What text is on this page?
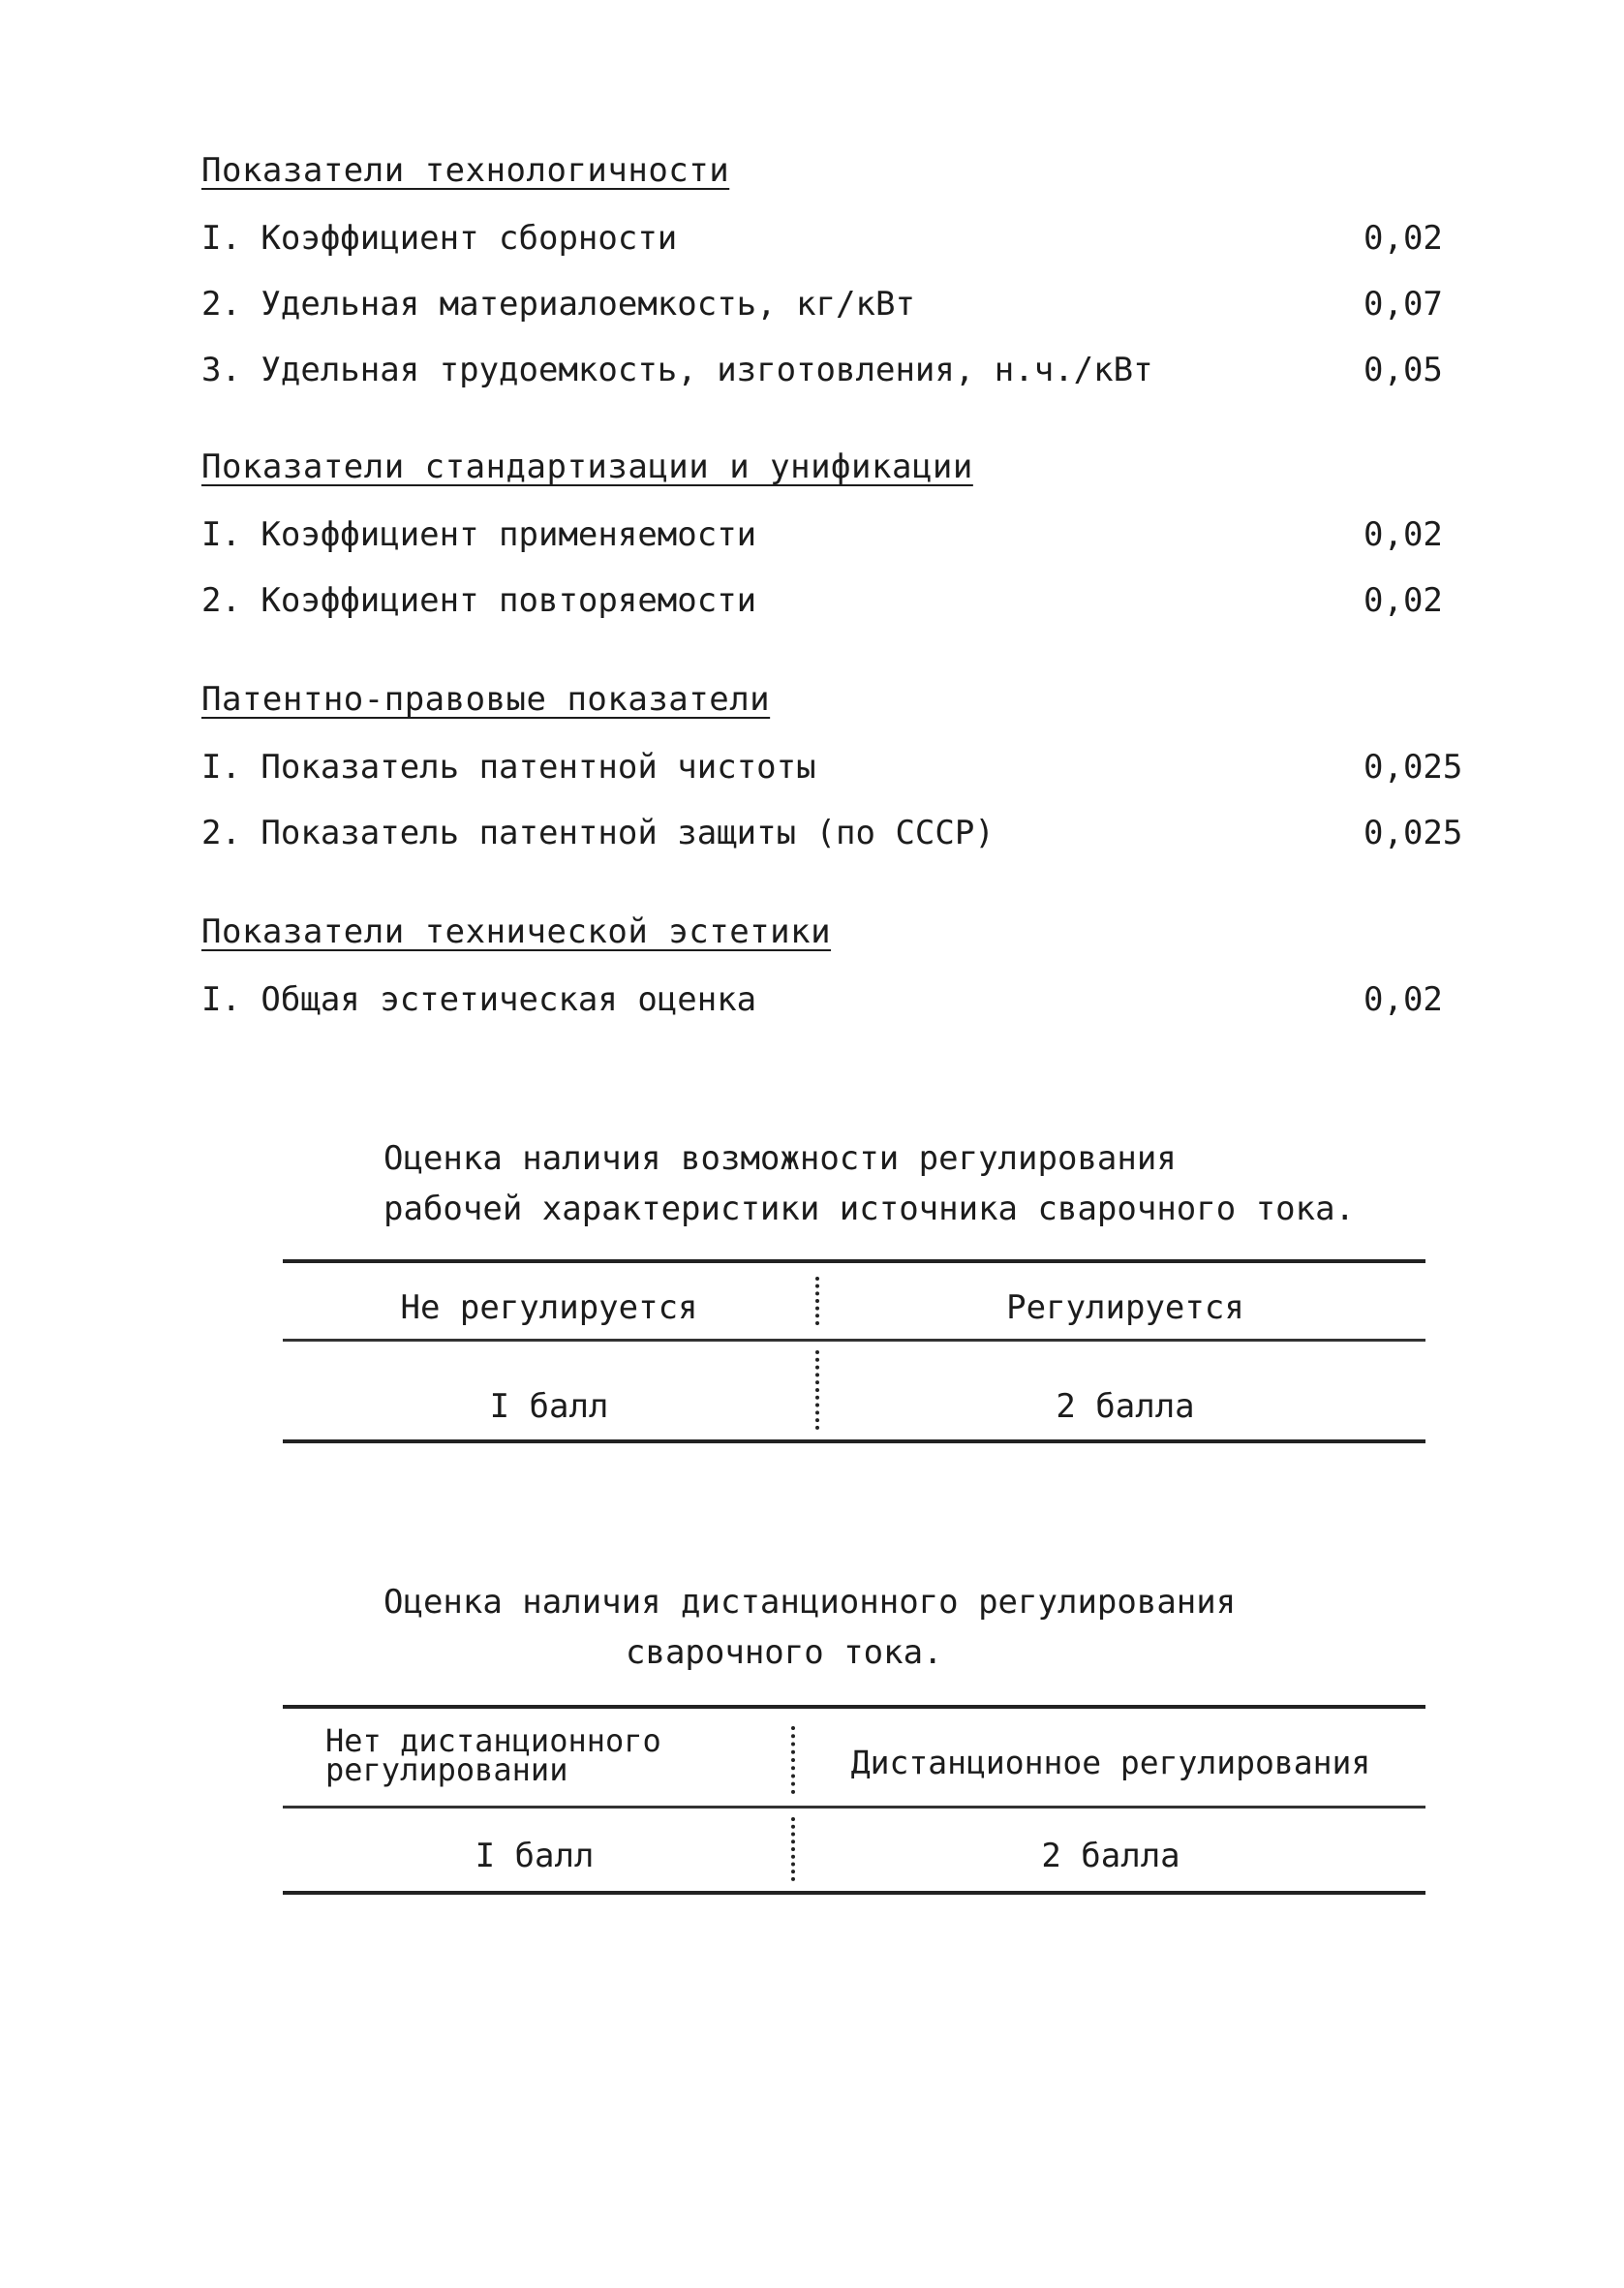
Показатели технологичности
I. Коэффициент сборности	0,02
2. Удельная материалоемкость, кг/кВт	0,07
3. Удельная трудоемкость, изготовления, н.ч./кВт	0,05
Показатели стандартизации и унификации
I. Коэффициент применяемости	0,02
2. Коэффициент повторяемости	0,02
Патентно-правовые показатели
I. Показатель патентной чистоты	0,025
2. Показатель патентной защиты (по СССР)	0,025
Показатели технической эстетики
I. Общая эстетическая оценка	0,02
Оценка наличия возможности регулирования
рабочей характеристики источника сварочного тока.
Не регулируется	Регулируется
I балл	2 балла
Оценка наличия дистанционного регулирования
сварочного тока.
Нет дистанционного регулировании	Дистанционное регулирования
I балл	2 балла
